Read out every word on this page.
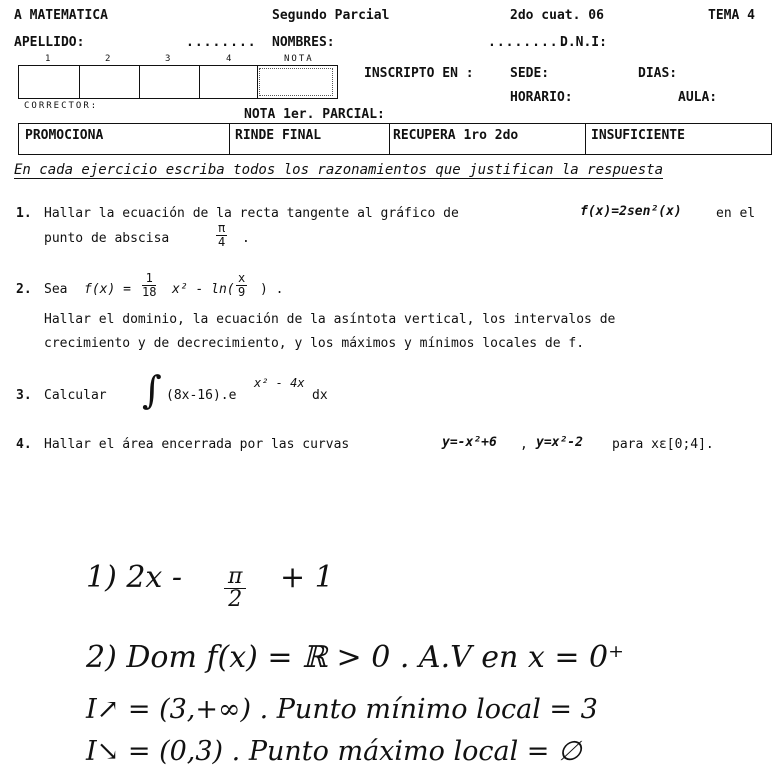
A MATEMATICA	Segundo Parcial	2do cuat. 06	TEMA 4
APELLIDO:	........ NOMBRES:	.........
D.N.I:
1	2	3	4	NOTA
INSCRIPTO EN :	SEDE:	DIAS:
HORARIO:	AULA:
CORRECTOR:
NOTA 1er. PARCIAL:
PROMOCIONA	RINDE FINAL	RECUPERA 1ro 2do	INSUFICIENTE
En cada ejercicio escriba todos los razonamientos que justifican la respuesta
1. Hallar la ecuación de la recta tangente al gráfico de	f(x)=2sen²(x)	en el
punto de abscisa	$\frac{\pi}{4}$ .
2. Sea $f(x) = \frac{1}{18} x^2 - \ln( \frac{x}{9}$ ) .
Hallar el dominio, la ecuación de la asíntota vertical, los intervalos de
crecimiento y de decrecimiento, y los máximos y mínimos locales de f.
3. Calcular ∫ (8x-16).e
x² - 4x
dx
4. Hallar el área encerrada por las curvas	y=-x²+6 , y=x²-2 para xε[0;4].
1) $2x - \frac{\pi}{2} + 1$
2) Dom f(x) = ℝ > 0 . A.V en x = 0⁺
I↗ = (3,+∞) . Punto mínimo local = 3
I↘ = (0,3) . Punto máximo local = ∅
